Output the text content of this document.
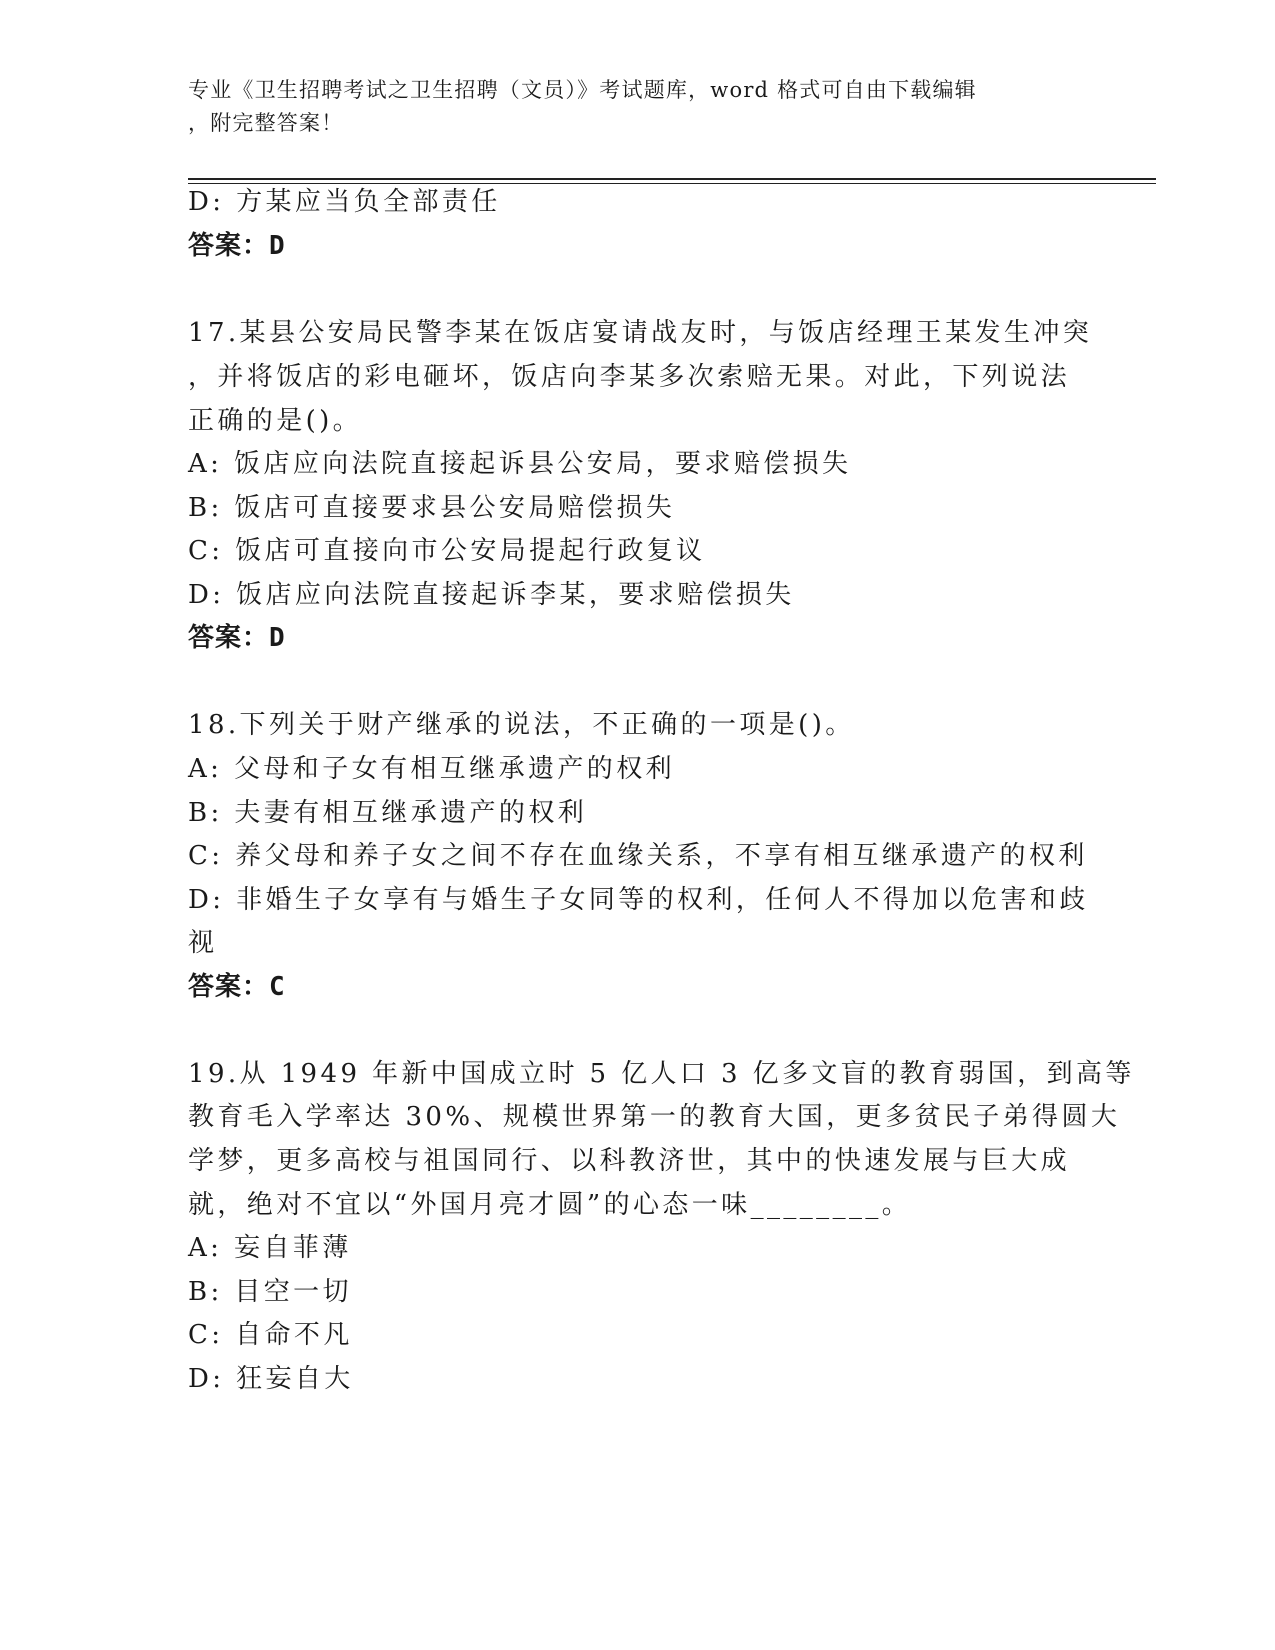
专业《卫生招聘考试之卫生招聘（文员）》考试题库，word 格式可自由下载编辑
，附完整答案！
D: 方某应当负全部责任
答案：D
17.某县公安局民警李某在饭店宴请战友时，与饭店经理王某发生冲突
，并将饭店的彩电砸坏，饭店向李某多次索赔无果。对此，下列说法
正确的是()。
A: 饭店应向法院直接起诉县公安局，要求赔偿损失
B: 饭店可直接要求县公安局赔偿损失
C: 饭店可直接向市公安局提起行政复议
D: 饭店应向法院直接起诉李某，要求赔偿损失
答案：D
18.下列关于财产继承的说法，不正确的一项是()。
A: 父母和子女有相互继承遗产的权利
B: 夫妻有相互继承遗产的权利
C: 养父母和养子女之间不存在血缘关系，不享有相互继承遗产的权利
D: 非婚生子女享有与婚生子女同等的权利，任何人不得加以危害和歧
视
答案：C
19.从 1949 年新中国成立时 5 亿人口 3 亿多文盲的教育弱国，到高等
教育毛入学率达 30%、规模世界第一的教育大国，更多贫民子弟得圆大
学梦，更多高校与祖国同行、以科教济世，其中的快速发展与巨大成
就，绝对不宜以“外国月亮才圆”的心态一味________。
A: 妄自菲薄
B: 目空一切
C: 自命不凡
D: 狂妄自大
